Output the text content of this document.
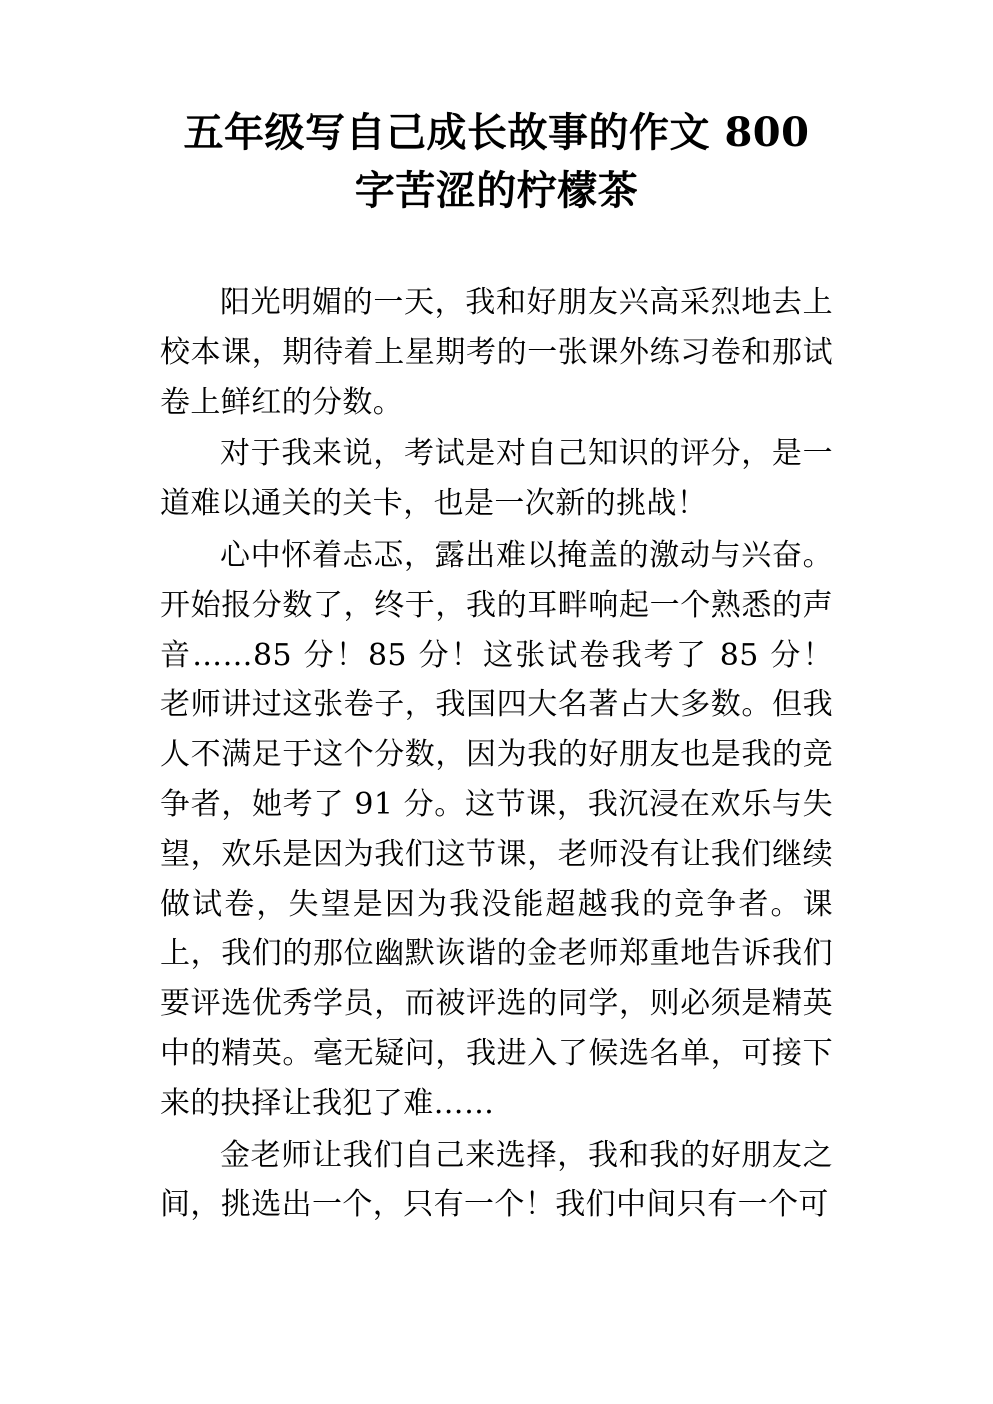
五年级写自己成长故事的作文 800 字苦涩的柠檬茶

阳光明媚的一天，我和好朋友兴高采烈地去上校本课，期待着上星期考的一张课外练习卷和那试卷上鲜红的分数。

对于我来说，考试是对自己知识的评分，是一道难以通关的关卡，也是一次新的挑战！

心中怀着忐忑，露出难以掩盖的激动与兴奋。开始报分数了，终于，我的耳畔响起一个熟悉的声音……85 分！85 分！这张试卷我考了 85 分！老师讲过这张卷子，我国四大名著占大多数。但我人不满足于这个分数，因为我的好朋友也是我的竞争者，她考了 91 分。这节课，我沉浸在欢乐与失望，欢乐是因为我们这节课，老师没有让我们继续做试卷，失望是因为我没能超越我的竞争者。课上，我们的那位幽默诙谐的金老师郑重地告诉我们要评选优秀学员，而被评选的同学，则必须是精英中的精英。毫无疑问，我进入了候选名单，可接下来的抉择让我犯了难……

金老师让我们自己来选择，我和我的好朋友之间，挑选出一个，只有一个！我们中间只有一个可
